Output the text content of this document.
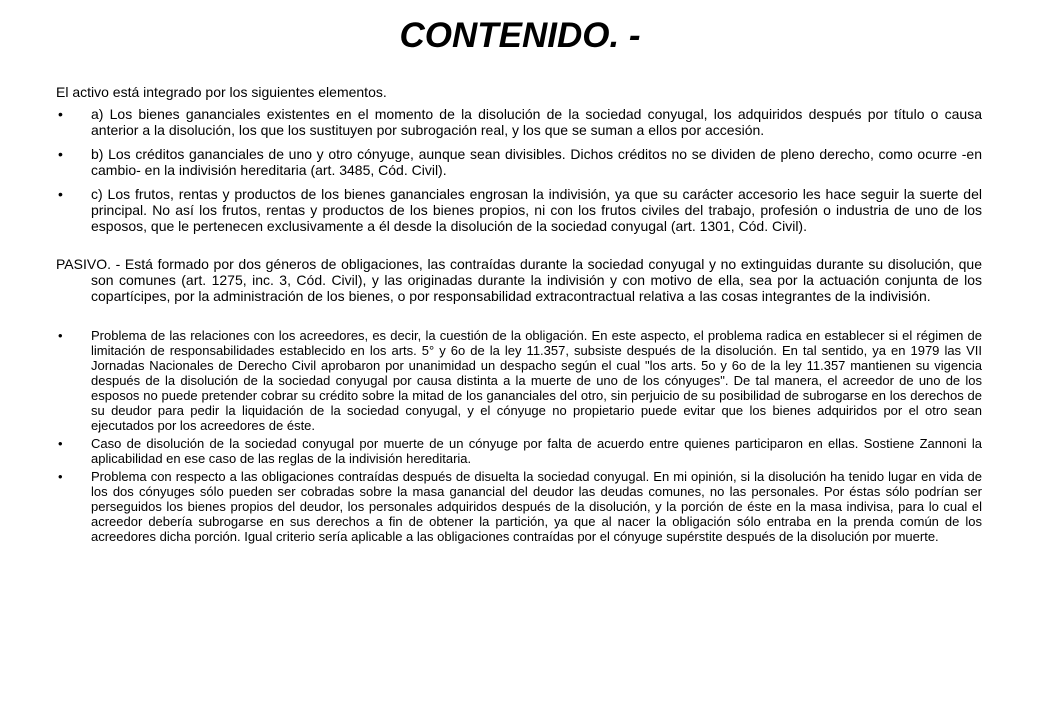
CONTENIDO. -

El activo está integrado por los siguientes elementos.

• a) Los bienes gananciales existentes en el momento de la disolución de la sociedad conyugal, los adquiridos después por título o causa anterior a la disolución, los que los sustituyen por subrogación real, y los que se suman a ellos por accesión.
• b) Los créditos gananciales de uno y otro cónyuge, aunque sean divisibles. Dichos créditos no se dividen de pleno derecho, como ocurre -en cambio- en la indivisión hereditaria (art. 3485, Cód. Civil).
• c) Los frutos, rentas y productos de los bienes gananciales engrosan la indivisión, ya que su carácter accesorio les hace seguir la suerte del principal. No así los frutos, rentas y productos de los bienes propios, ni con los frutos civiles del trabajo, profesión o industria de uno de los esposos, que le pertenecen exclusivamente a él desde la disolución de la sociedad conyugal (art. 1301, Cód. Civil).

PASIVO. - Está formado por dos géneros de obligaciones, las contraídas durante la sociedad conyugal y no extinguidas durante su disolución, que son comunes (art. 1275, inc. 3, Cód. Civil), y las originadas durante la indivisión y con motivo de ella, sea por la actuación conjunta de los copartícipes, por la administración de los bienes, o por responsabilidad extracontractual relativa a las cosas integrantes de la indivisión.

• Problema de las relaciones con los acreedores, es decir, la cuestión de la obligación. En este aspecto, el problema radica en establecer si el régimen de limitación de responsabilidades establecido en los arts. 5° y 6o de la ley 11.357, subsiste después de la disolución. En tal sentido, ya en 1979 las VII Jornadas Nacionales de Derecho Civil aprobaron por unanimidad un despacho según el cual "los arts. 5o y 6o de la ley 11.357 mantienen su vigencia después de la disolución de la sociedad conyugal por causa distinta a la muerte de uno de los cónyuges". De tal manera, el acreedor de uno de los esposos no puede pretender cobrar su crédito sobre la mitad de los gananciales del otro, sin perjuicio de su posibilidad de subrogarse en los derechos de su deudor para pedir la liquidación de la sociedad conyugal, y el cónyuge no propietario puede evitar que los bienes adquiridos por el otro sean ejecutados por los acreedores de éste.
• Caso de disolución de la sociedad conyugal por muerte de un cónyuge por falta de acuerdo entre quienes participaron en ellas. Sostiene Zannoni la aplicabilidad en ese caso de las reglas de la indivisión hereditaria.
• Problema con respecto a las obligaciones contraídas después de disuelta la sociedad conyugal. En mi opinión, si la disolución ha tenido lugar en vida de los dos cónyuges sólo pueden ser cobradas sobre la masa ganancial del deudor las deudas comunes, no las personales. Por éstas sólo podrían ser perseguidos los bienes propios del deudor, los personales adquiridos después de la disolución, y la porción de éste en la masa indivisa, para lo cual el acreedor debería subrogarse en sus derechos a fin de obtener la partición, ya que al nacer la obligación sólo entraba en la prenda común de los acreedores dicha porción. Igual criterio sería aplicable a las obligaciones contraídas por el cónyuge supérstite después de la disolución por muerte.
